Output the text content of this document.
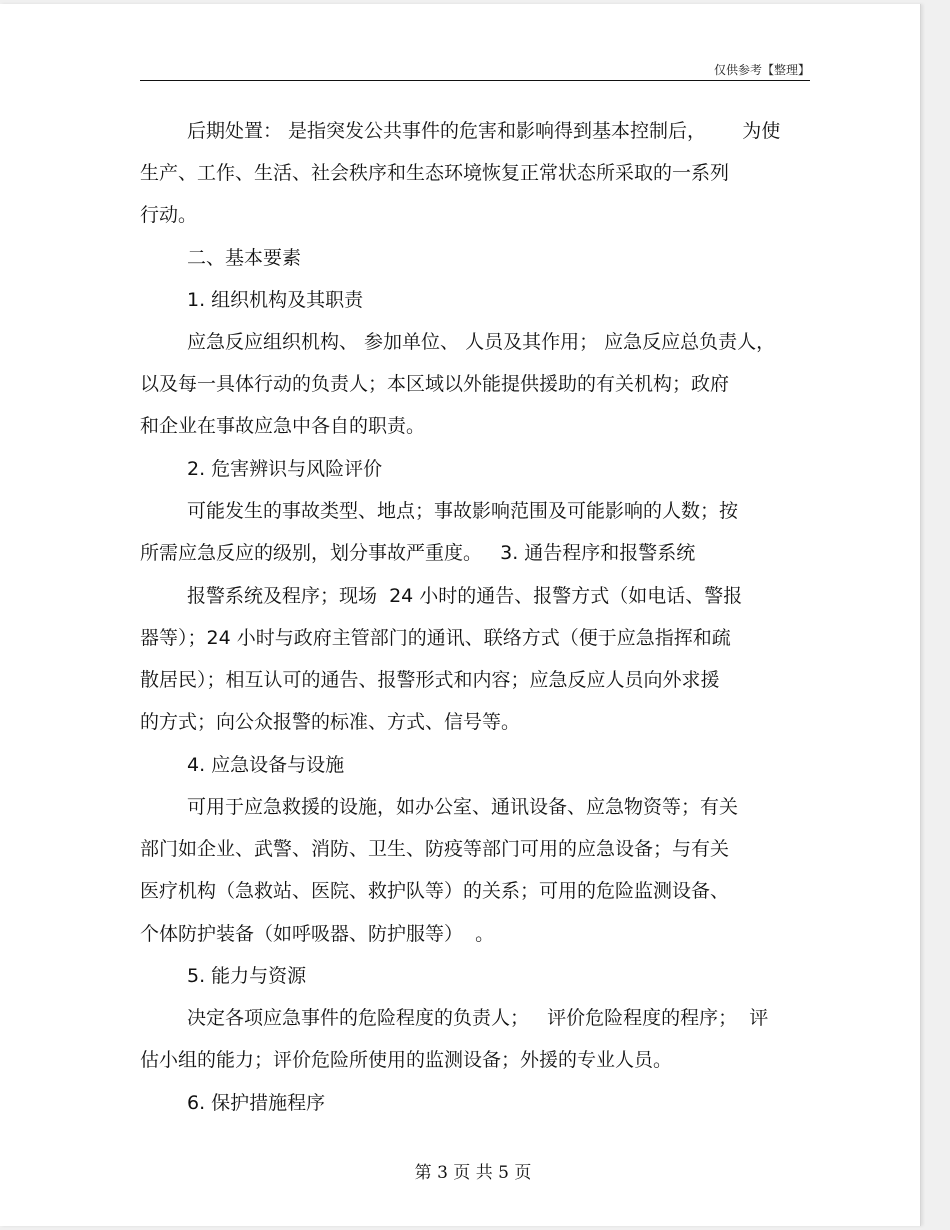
仅供参考【整理】
后期处置： 是指突发公共事件的危害和影响得到基本控制后，      为使
生产、工作、生活、社会秩序和生态环境恢复正常状态所采取的一系列
行动。
二、基本要素
1. 组织机构及其职责
应急反应组织机构、 参加单位、 人员及其作用； 应急反应总负责人，
以及每一具体行动的负责人；本区域以外能提供援助的有关机构；政府
和企业在事故应急中各自的职责。
2. 危害辨识与风险评价
可能发生的事故类型、地点；事故影响范围及可能影响的人数；按
所需应急反应的级别，划分事故严重度。   3. 通告程序和报警系统
报警系统及程序；现场  24 小时的通告、报警方式（如电话、警报
器等）；24 小时与政府主管部门的通讯、联络方式（便于应急指挥和疏
散居民）；相互认可的通告、报警形式和内容；应急反应人员向外求援
的方式；向公众报警的标准、方式、信号等。
4. 应急设备与设施
可用于应急救援的设施，如办公室、通讯设备、应急物资等；有关
部门如企业、武警、消防、卫生、防疫等部门可用的应急设备；与有关
医疗机构（急救站、医院、救护队等）的关系；可用的危险监测设备、
个体防护装备（如呼吸器、防护服等）  。
5. 能力与资源
决定各项应急事件的危险程度的负责人；   评价危险程度的程序；  评
估小组的能力；评价危险所使用的监测设备；外援的专业人员。
6. 保护措施程序
第 3 页 共 5 页
